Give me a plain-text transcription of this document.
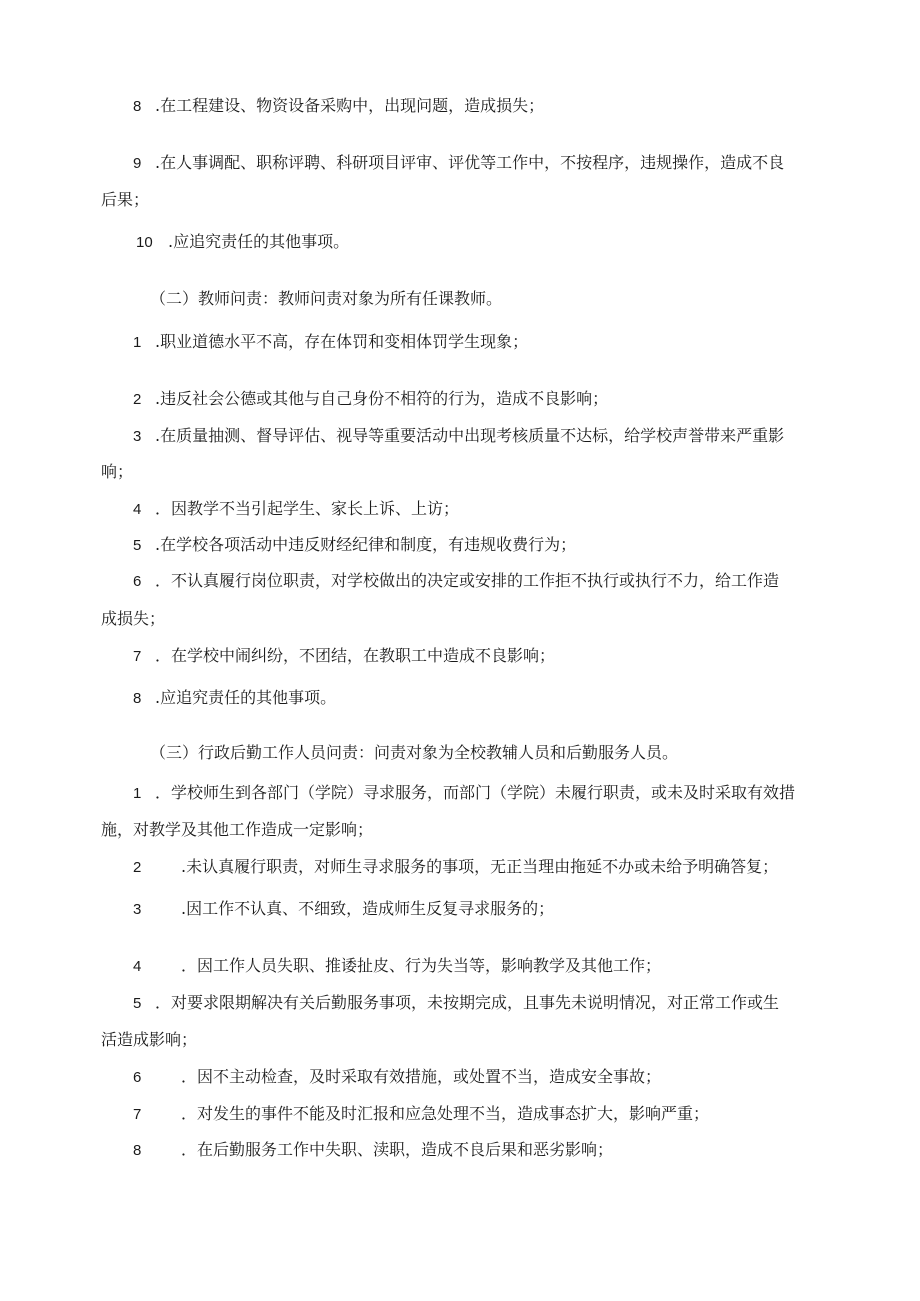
8 .在工程建设、物资设备采购中，出现问题，造成损失；
9 .在人事调配、职称评聘、科研项目评审、评优等工作中，不按程序，违规操作，造成不良
后果；
10 .应追究责任的其他事项。
（二）教师问责：教师问责对象为所有任课教师。
1 .职业道德水平不高，存在体罚和变相体罚学生现象；
2 .违反社会公德或其他与自己身份不相符的行为，造成不良影响；
3 .在质量抽测、督导评估、视导等重要活动中出现考核质量不达标，给学校声誉带来严重影
响；
4 ．因教学不当引起学生、家长上诉、上访；
5 .在学校各项活动中违反财经纪律和制度，有违规收费行为；
6 ．不认真履行岗位职责，对学校做出的决定或安排的工作拒不执行或执行不力，给工作造
成损失；
7 ．在学校中闹纠纷，不团结，在教职工中造成不良影响；
8 .应追究责任的其他事项。
（三）行政后勤工作人员问责：问责对象为全校教辅人员和后勤服务人员。
1 ．学校师生到各部门（学院）寻求服务，而部门（学院）未履行职责，或未及时采取有效措
施，对教学及其他工作造成一定影响；
2 .未认真履行职责，对师生寻求服务的事项，无正当理由拖延不办或未给予明确答复；
3 .因工作不认真、不细致，造成师生反复寻求服务的；
4 ．因工作人员失职、推诿扯皮、行为失当等，影响教学及其他工作；
5 ．对要求限期解决有关后勤服务事项，未按期完成，且事先未说明情况，对正常工作或生
活造成影响；
6 ．因不主动检查，及时采取有效措施，或处置不当，造成安全事故；
7 ．对发生的事件不能及时汇报和应急处理不当，造成事态扩大，影响严重；
8 ．在后勤服务工作中失职、渎职，造成不良后果和恶劣影响；
